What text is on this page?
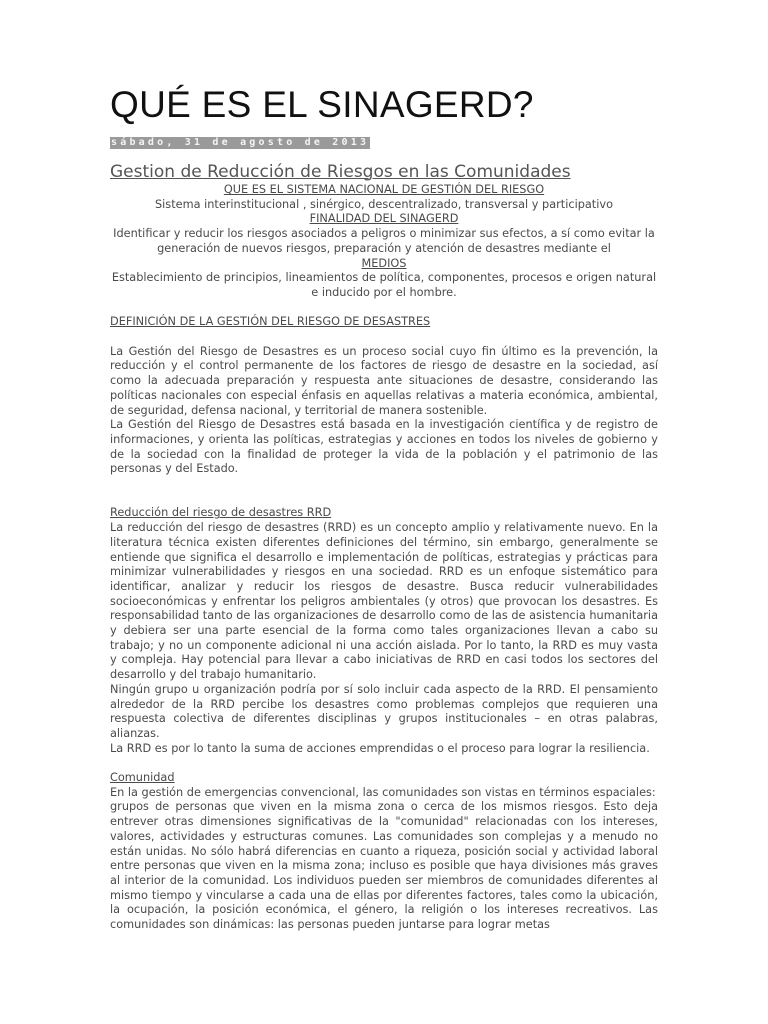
QUÉ ES EL SINAGERD?
sábado, 31 de agosto de 2013
Gestion de Reducción de Riesgos en las Comunidades

QUE ES EL SISTEMA NACIONAL DE GESTIÓN DEL RIESGO

Sistema interinstitucional , sinérgico, descentralizado, transversal y participativo

FINALIDAD DEL SINAGERD

Identificar y reducir los riesgos asociados a peligros o minimizar sus efectos, a sí como evitar la generación de nuevos riesgos, preparación y atención de desastres mediante el

MEDIOS

Establecimiento de principios, lineamientos de política, componentes, procesos e origen natural e inducido por el hombre.

DEFINICIÓN DE LA GESTIÓN DEL RIESGO DE DESASTRES

La Gestión del Riesgo de Desastres es un proceso social cuyo fin último es la prevención, la reducción y el control permanente de los factores de riesgo de desastre en la sociedad, así como la adecuada preparación y respuesta ante situaciones de desastre, considerando las políticas nacionales con especial énfasis en aquellas relativas a materia económica, ambiental, de seguridad, defensa nacional, y territorial de manera sostenible.

La Gestión del Riesgo de Desastres está basada en la investigación científica y de registro de informaciones, y orienta las políticas, estrategias y acciones en todos los niveles de gobierno y de la sociedad con la finalidad de proteger la vida de la población y el patrimonio de las personas y del Estado.

Reducción del riesgo de desastres RRD

La reducción del riesgo de desastres (RRD) es un concepto amplio y relativamente nuevo. En la literatura técnica existen diferentes definiciones del término, sin embargo, generalmente se entiende que significa el desarrollo e implementación de políticas, estrategias y prácticas para minimizar vulnerabilidades y riesgos en una sociedad. RRD es un enfoque sistemático para identificar, analizar y reducir los riesgos de desastre. Busca reducir vulnerabilidades socioeconómicas y enfrentar los peligros ambientales (y otros) que provocan los desastres. Es responsabilidad tanto de las organizaciones de desarrollo como de las de asistencia humanitaria y debiera ser una parte esencial de la forma como tales organizaciones llevan a cabo su trabajo; y no un componente adicional ni una acción aislada. Por lo tanto, la RRD es muy vasta y compleja. Hay potencial para llevar a cabo iniciativas de RRD en casi todos los sectores del desarrollo y del trabajo humanitario.

Ningún grupo u organización podría por sí solo incluir cada aspecto de la RRD. El pensamiento alrededor de la RRD percibe los desastres como problemas complejos que requieren una respuesta colectiva de diferentes disciplinas y grupos institucionales – en otras palabras, alianzas.

La RRD es por lo tanto la suma de acciones emprendidas o el proceso para lograr la resiliencia.

Comunidad

En la gestión de emergencias convencional, las comunidades son vistas en términos espaciales:

grupos de personas que viven en la misma zona o cerca de los mismos riesgos. Esto deja entrever otras dimensiones significativas de la "comunidad" relacionadas con los intereses, valores, actividades y estructuras comunes. Las comunidades son complejas y a menudo no están unidas. No sólo habrá diferencias en cuanto a riqueza, posición social y actividad laboral entre personas que viven en la misma zona; incluso es posible que haya divisiones más graves al interior de la comunidad. Los individuos pueden ser miembros de comunidades diferentes al mismo tiempo y vincularse a cada una de ellas por diferentes factores, tales como la ubicación, la ocupación, la posición económica, el género, la religión o los intereses recreativos. Las comunidades son dinámicas: las personas pueden juntarse para lograr metas
